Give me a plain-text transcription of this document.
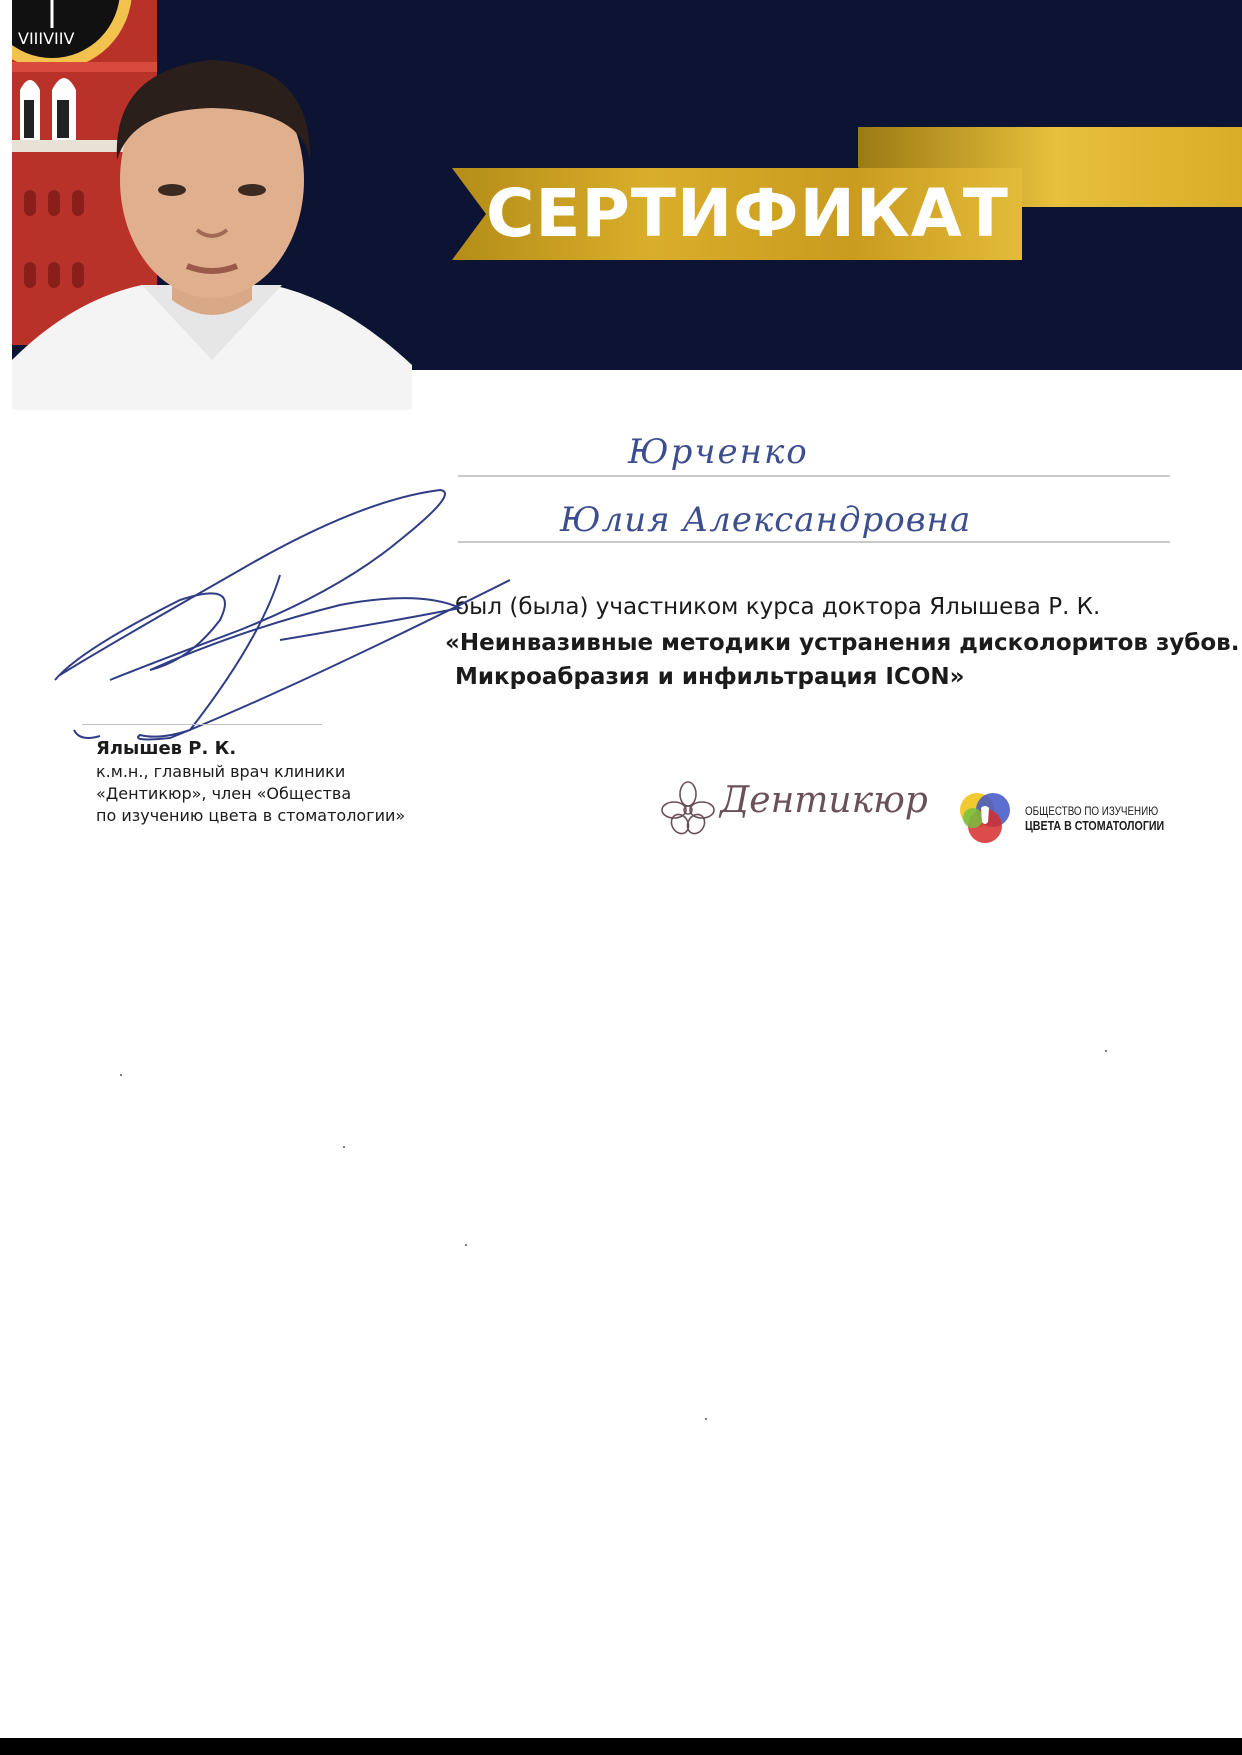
VIIIVIIV
СЕРТИФИКАТ
Юрченко
Юлия Александровна
был (была) участником курса доктора Ялышева Р. К.
«Неинвазивные методики устранения дисколоритов зубов.
Микроабразия и инфильтрация ICON»
Ялышев Р. К.
к.м.н., главный врач клиники
«Дентикюр», член «Общества
по изучению цвета в стоматологии»	Дентикюр	ОБЩЕСТВО ПО ИЗУЧЕНИЮ
ЦВЕТА В СТОМАТОЛОГИИ
